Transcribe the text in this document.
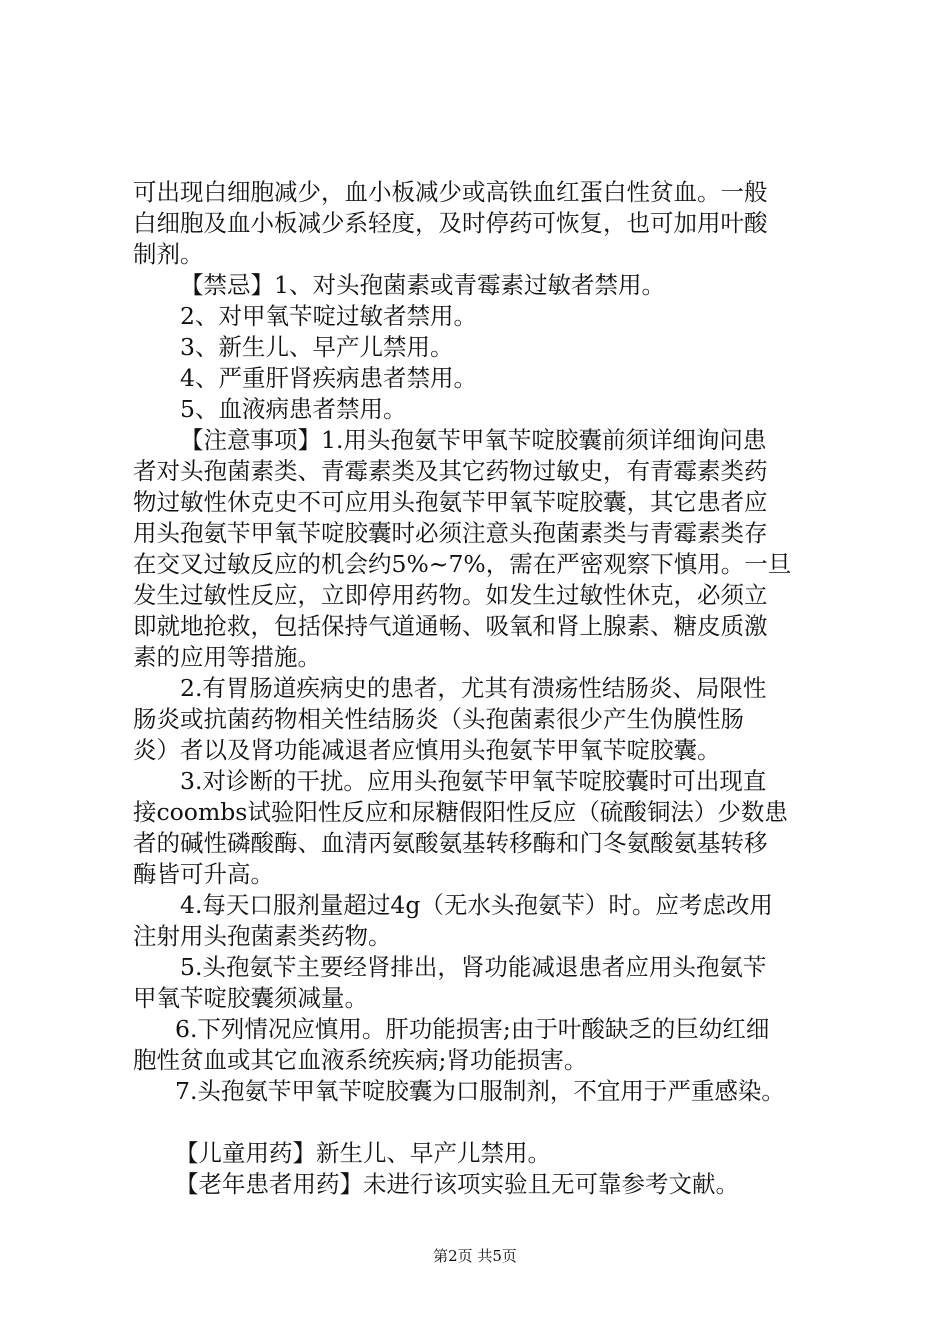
可出现白细胞减少，血小板减少或高铁血红蛋白性贫血。一般
白细胞及血小板减少系轻度，及时停药可恢复，也可加用叶酸
制剂。
【禁忌】1、对头孢菌素或青霉素过敏者禁用。
2、对甲氧苄啶过敏者禁用。
3、新生儿、早产儿禁用。
4、严重肝肾疾病患者禁用。
5、血液病患者禁用。
【注意事项】1.用头孢氨苄甲氧苄啶胶囊前须详细询问患
者对头孢菌素类、青霉素类及其它药物过敏史，有青霉素类药
物过敏性休克史不可应用头孢氨苄甲氧苄啶胶囊，其它患者应
用头孢氨苄甲氧苄啶胶囊时必须注意头孢菌素类与青霉素类存
在交叉过敏反应的机会约5%~7%，需在严密观察下慎用。一旦
发生过敏性反应，立即停用药物。如发生过敏性休克，必须立
即就地抢救，包括保持气道通畅、吸氧和肾上腺素、糖皮质激
素的应用等措施。
2.有胃肠道疾病史的患者，尤其有溃疡性结肠炎、局限性
肠炎或抗菌药物相关性结肠炎（头孢菌素很少产生伪膜性肠
炎）者以及肾功能减退者应慎用头孢氨苄甲氧苄啶胶囊。
3.对诊断的干扰。应用头孢氨苄甲氧苄啶胶囊时可出现直
接coombs试验阳性反应和尿糖假阳性反应（硫酸铜法）少数患
者的碱性磷酸酶、血清丙氨酸氨基转移酶和门冬氨酸氨基转移
酶皆可升高。
4.每天口服剂量超过4g（无水头孢氨苄）时。应考虑改用
注射用头孢菌素类药物。
5.头孢氨苄主要经肾排出，肾功能减退患者应用头孢氨苄
甲氧苄啶胶囊须减量。
6.下列情况应慎用。肝功能损害;由于叶酸缺乏的巨幼红细
胞性贫血或其它血液系统疾病;肾功能损害。
7.头孢氨苄甲氧苄啶胶囊为口服制剂，不宜用于严重感染。
【儿童用药】新生儿、早产儿禁用。
【老年患者用药】未进行该项实验且无可靠参考文献。
第2页 共5页
